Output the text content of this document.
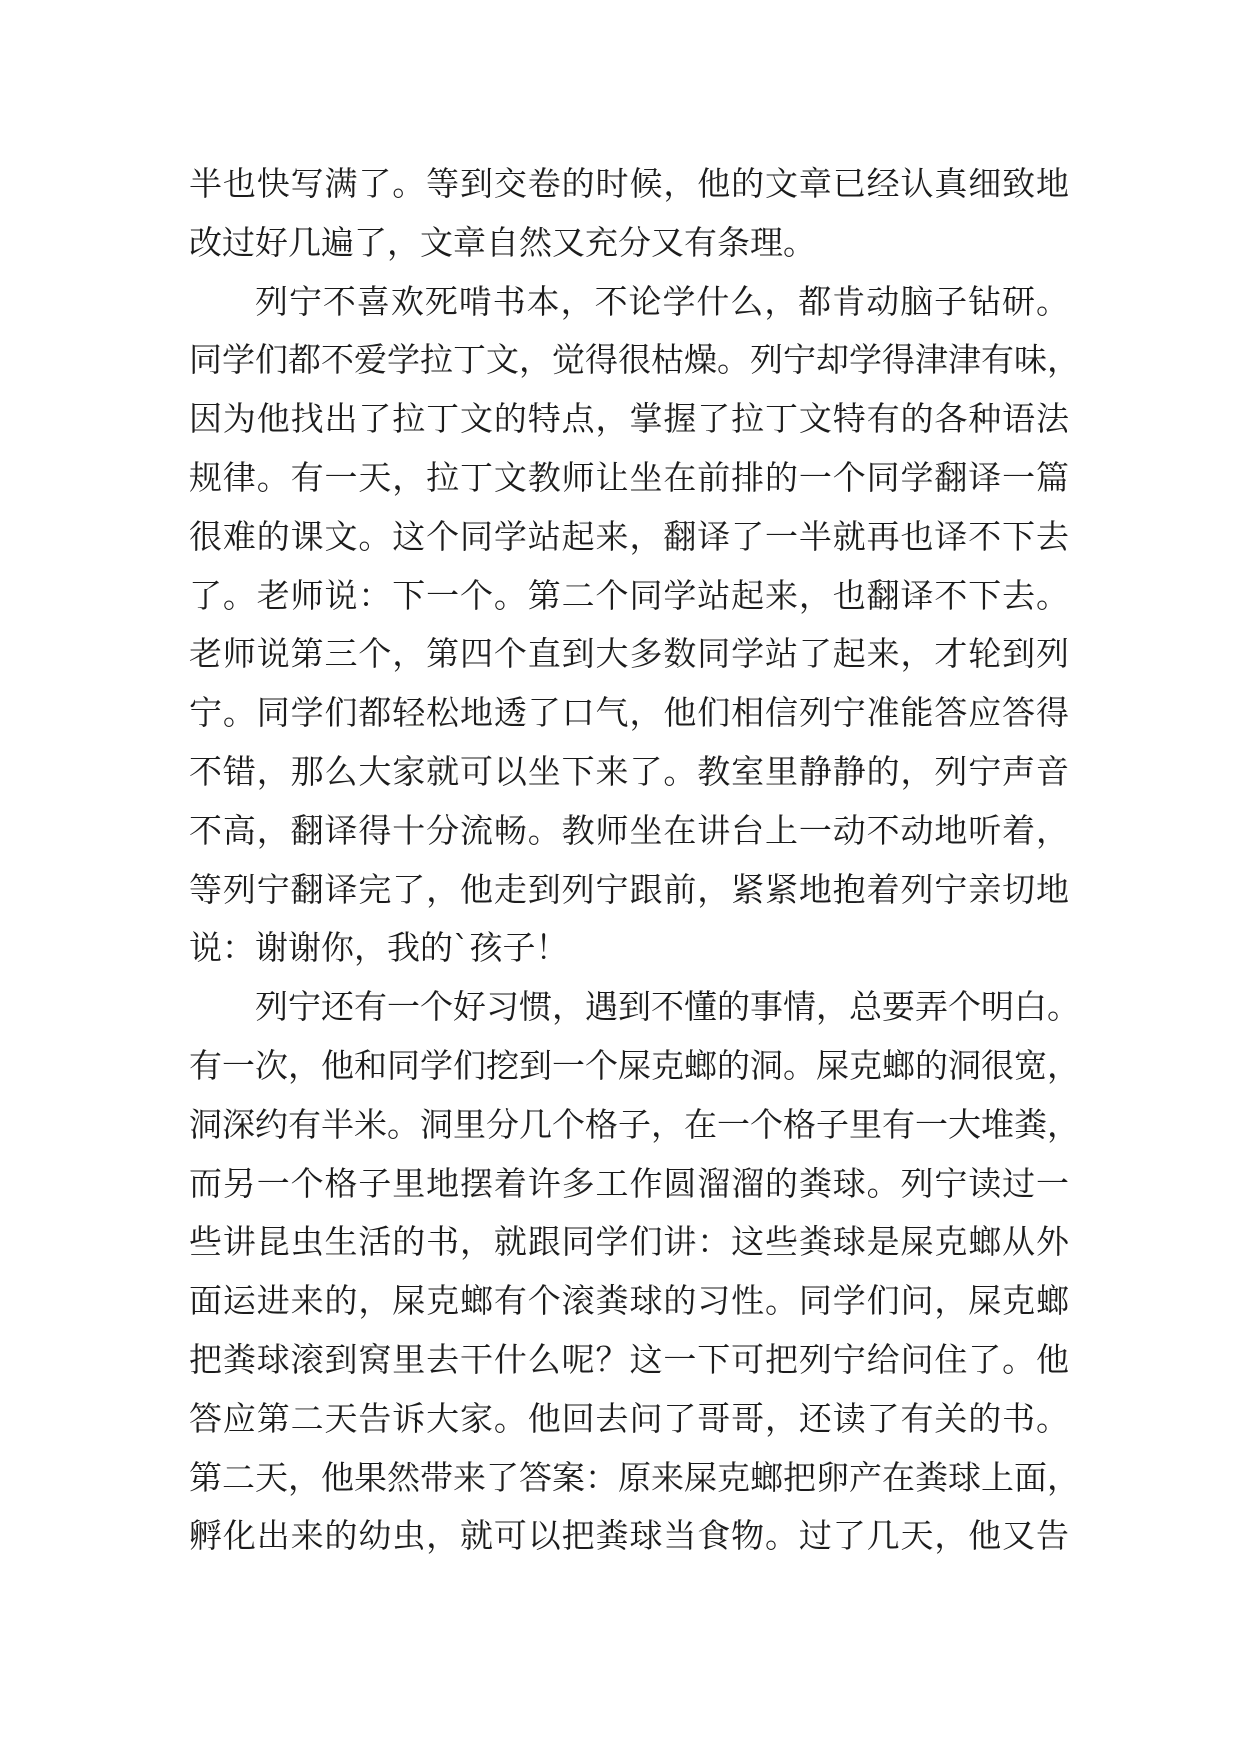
半也快写满了。等到交卷的时候，他的文章已经认真细致地
改过好几遍了，文章自然又充分又有条理。
列宁不喜欢死啃书本，不论学什么，都肯动脑子钻研。
同学们都不爱学拉丁文，觉得很枯燥。列宁却学得津津有味，
因为他找出了拉丁文的特点，掌握了拉丁文特有的各种语法
规律。有一天，拉丁文教师让坐在前排的一个同学翻译一篇
很难的课文。这个同学站起来，翻译了一半就再也译不下去
了。老师说：下一个。第二个同学站起来，也翻译不下去。
老师说第三个，第四个直到大多数同学站了起来，才轮到列
宁。同学们都轻松地透了口气，他们相信列宁准能答应答得
不错，那么大家就可以坐下来了。教室里静静的，列宁声音
不高，翻译得十分流畅。教师坐在讲台上一动不动地听着，
等列宁翻译完了，他走到列宁跟前，紧紧地抱着列宁亲切地
说：谢谢你，我的`孩子！
列宁还有一个好习惯，遇到不懂的事情，总要弄个明白。
有一次，他和同学们挖到一个屎克螂的洞。屎克螂的洞很宽，
洞深约有半米。洞里分几个格子，在一个格子里有一大堆粪，
而另一个格子里地摆着许多工作圆溜溜的粪球。列宁读过一
些讲昆虫生活的书，就跟同学们讲：这些粪球是屎克螂从外
面运进来的，屎克螂有个滚粪球的习性。同学们问，屎克螂
把粪球滚到窝里去干什么呢？这一下可把列宁给问住了。他
答应第二天告诉大家。他回去问了哥哥，还读了有关的书。
第二天，他果然带来了答案：原来屎克螂把卵产在粪球上面，
孵化出来的幼虫，就可以把粪球当食物。过了几天，他又告
